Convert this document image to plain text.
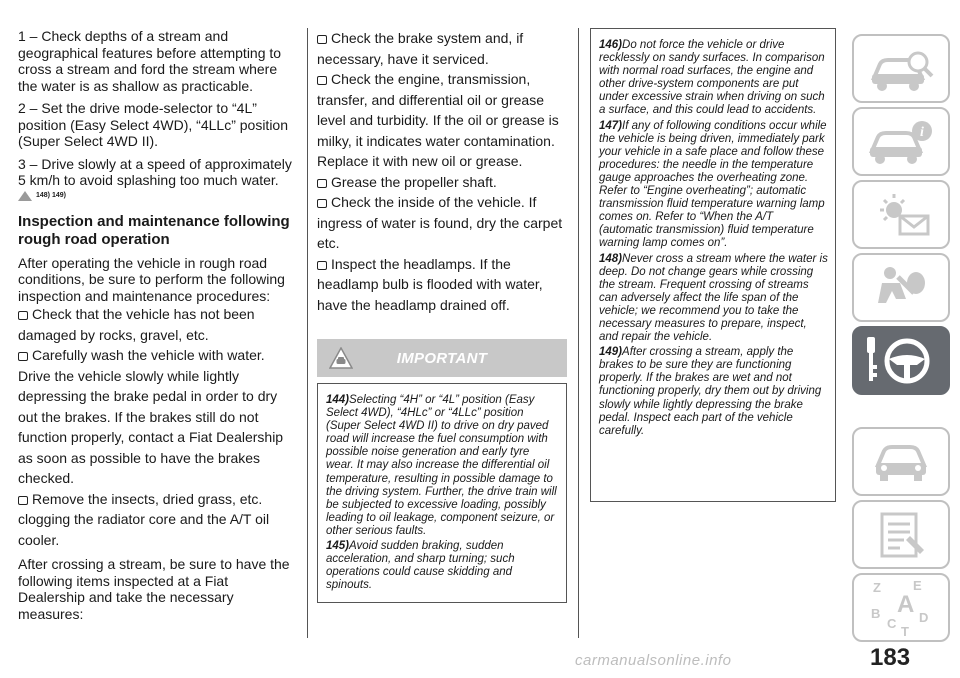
1 – Check depths of a stream and geographical features before attempting to cross a stream and ford the stream where the water is as shallow as practicable.

2 – Set the drive mode-selector to “4L” position (Easy Select 4WD), “4LLc” position (Super Select 4WD II).

3 – Drive slowly at a speed of approximately 5 km/h to avoid splashing too much water.

148) 149)
Inspection and maintenance following rough road operation

After operating the vehicle in rough road conditions, be sure to perform the following inspection and maintenance procedures:

Check that the vehicle has not been damaged by rocks, gravel, etc.

Carefully wash the vehicle with water. Drive the vehicle slowly while lightly depressing the brake pedal in order to dry out the brakes. If the brakes still do not function properly, contact a Fiat Dealership as soon as possible to have the brakes checked.

Remove the insects, dried grass, etc. clogging the radiator core and the A/T oil cooler.

After crossing a stream, be sure to have the following items inspected at a Fiat Dealership and take the necessary measures:

Check the brake system and, if necessary, have it serviced.

Check the engine, transmission, transfer, and differential oil or grease level and turbidity. If the oil or grease is milky, it indicates water contamination. Replace it with new oil or grease.

Grease the propeller shaft.

Check the inside of the vehicle. If ingress of water is found, dry the carpet etc.

Inspect the headlamps. If the headlamp bulb is flooded with water, have the headlamp drained off.

IMPORTANT

144)Selecting “4H” or “4L” position (Easy Select 4WD), “4HLc” or “4LLc” position (Super Select 4WD II) to drive on dry paved road will increase the fuel consumption with possible noise generation and early tyre wear. It may also increase the differential oil temperature, resulting in possible damage to the driving system. Further, the drive train will be subjected to excessive loading, possibly leading to oil leakage, component seizure, or other serious faults.

145)Avoid sudden braking, sudden acceleration, and sharp turning; such operations could cause skidding and spinouts.

146)Do not force the vehicle or drive recklessly on sandy surfaces. In comparison with normal road surfaces, the engine and other drive-system components are put under excessive strain when driving on such a surface, and this could lead to accidents.

147)If any of following conditions occur while the vehicle is being driven, immediately park your vehicle in a safe place and follow these procedures: the needle in the temperature gauge approaches the overheating zone. Refer to “Engine overheating”; automatic transmission fluid temperature warning lamp comes on. Refer to “When the A/T (automatic transmission) fluid temperature warning lamp comes on”.

148)Never cross a stream where the water is deep. Do not change gears while crossing the stream. Frequent crossing of streams can adversely affect the life span of the vehicle; we recommend you to take the necessary measures to prepare, inspect, and repair the vehicle.

149)After crossing a stream, apply the brakes to be sure they are functioning properly. If the brakes are wet and not functioning properly, dry them out by driving slowly while lightly depressing the brake pedal. Inspect each part of the vehicle carefully.

i
Z E
A
B
C
T
D
carmanualsonline.info	183
